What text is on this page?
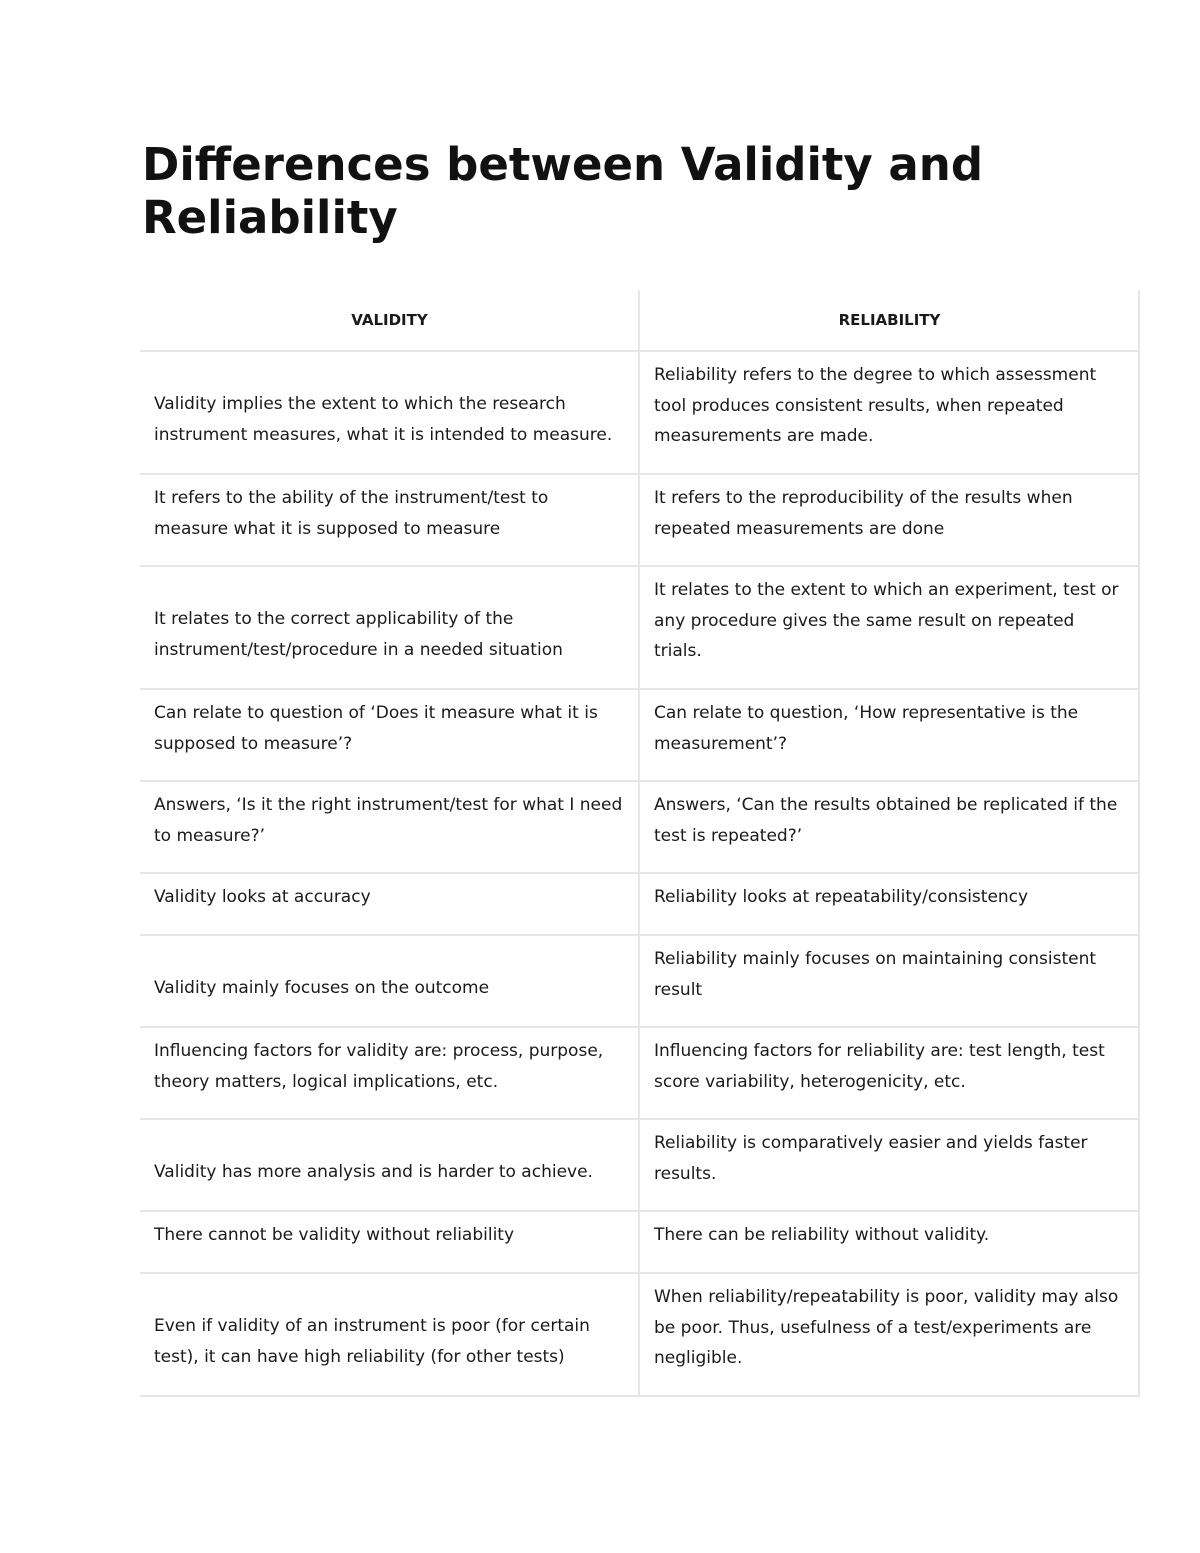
Differences between Validity and Reliability
VALIDITY	RELIABILITY
Validity implies the extent to which the research instrument measures, what it is intended to measure.	Reliability refers to the degree to which assessment tool produces consistent results, when repeated measurements are made.
It refers to the ability of the instrument/test to measure what it is supposed to measure	It refers to the reproducibility of the results when repeated measurements are done
It relates to the correct applicability of the instrument/test/procedure in a needed situation	It relates to the extent to which an experiment, test or any procedure gives the same result on repeated trials.
Can relate to question of ‘Does it measure what it is supposed to measure’?	Can relate to question, ‘How representative is the measurement’?
Answers, ‘Is it the right instrument/test for what I need to measure?’	Answers, ‘Can the results obtained be replicated if the test is repeated?’
Validity looks at accuracy	Reliability looks at repeatability/consistency
Validity mainly focuses on the outcome	Reliability mainly focuses on maintaining consistent result
Influencing factors for validity are: process, purpose, theory matters, logical implications, etc.	Influencing factors for reliability are: test length, test score variability, heterogenicity, etc.
Validity has more analysis and is harder to achieve.	Reliability is comparatively easier and yields faster results.
There cannot be validity without reliability	There can be reliability without validity.
Even if validity of an instrument is poor (for certain test), it can have high reliability (for other tests)	When reliability/repeatability is poor, validity may also be poor. Thus, usefulness of a test/experiments are negligible.
